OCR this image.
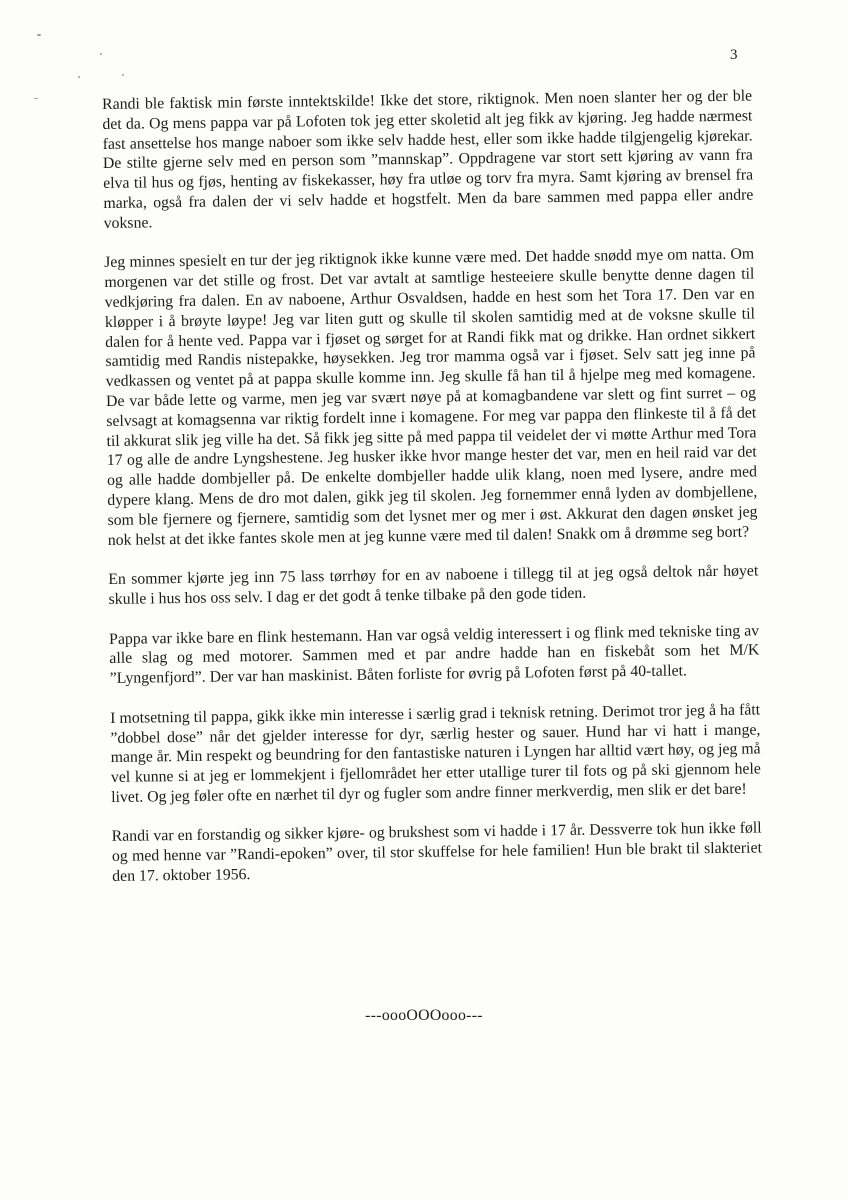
3

Randi ble faktisk min første inntektskilde! Ikke det store, riktignok. Men noen slanter her og der ble det da. Og mens pappa var på Lofoten tok jeg etter skoletid alt jeg fikk av kjøring. Jeg hadde nærmest fast ansettelse hos mange naboer som ikke selv hadde hest, eller som ikke hadde tilgjengelig kjørekar. De stilte gjerne selv med en person som ”mannskap”. Oppdragene var stort sett kjøring av vann fra elva til hus og fjøs, henting av fiskekasser, høy fra utløe og torv fra myra. Samt kjøring av brensel fra marka, også fra dalen der vi selv hadde et hogstfelt. Men da bare sammen med pappa eller andre voksne.

Jeg minnes spesielt en tur der jeg riktignok ikke kunne være med. Det hadde snødd mye om natta. Om morgenen var det stille og frost. Det var avtalt at samtlige hesteeiere skulle benytte denne dagen til vedkjøring fra dalen. En av naboene, Arthur Osvaldsen, hadde en hest som het Tora 17. Den var en kløpper i å brøyte løype! Jeg var liten gutt og skulle til skolen samtidig med at de voksne skulle til dalen for å hente ved. Pappa var i fjøset og sørget for at Randi fikk mat og drikke. Han ordnet sikkert samtidig med Randis nistepakke, høysekken. Jeg tror mamma også var i fjøset. Selv satt jeg inne på vedkassen og ventet på at pappa skulle komme inn. Jeg skulle få han til å hjelpe meg med komagene. De var både lette og varme, men jeg var svært nøye på at komagbandene var slett og fint surret – og selvsagt at komagsenna var riktig fordelt inne i komagene. For meg var pappa den flinkeste til å få det til akkurat slik jeg ville ha det. Så fikk jeg sitte på med pappa til veidelet der vi møtte Arthur med Tora 17 og alle de andre Lyngshestene. Jeg husker ikke hvor mange hester det var, men en heil raid var det og alle hadde dombjeller på. De enkelte dombjeller hadde ulik klang, noen med lysere, andre med dypere klang. Mens de dro mot dalen, gikk jeg til skolen. Jeg fornemmer ennå lyden av dombjellene, som ble fjernere og fjernere, samtidig som det lysnet mer og mer i øst. Akkurat den dagen ønsket jeg nok helst at det ikke fantes skole men at jeg kunne være med til dalen! Snakk om å drømme seg bort?

En sommer kjørte jeg inn 75 lass tørrhøy for en av naboene i tillegg til at jeg også deltok når høyet skulle i hus hos oss selv. I dag er det godt å tenke tilbake på den gode tiden.

Pappa var ikke bare en flink hestemann. Han var også veldig interessert i og flink med tekniske ting av alle slag og med motorer. Sammen med et par andre hadde han en fiskebåt som het M/K ”Lyngenfjord”. Der var han maskinist. Båten forliste for øvrig på Lofoten først på 40-tallet.

I motsetning til pappa, gikk ikke min interesse i særlig grad i teknisk retning. Derimot tror jeg å ha fått ”dobbel dose” når det gjelder interesse for dyr, særlig hester og sauer. Hund har vi hatt i mange, mange år. Min respekt og beundring for den fantastiske naturen i Lyngen har alltid vært høy, og jeg må vel kunne si at jeg er lommekjent i fjellområdet her etter utallige turer til fots og på ski gjennom hele livet. Og jeg føler ofte en nærhet til dyr og fugler som andre finner merkverdig, men slik er det bare!

Randi var en forstandig og sikker kjøre- og brukshest som vi hadde i 17 år. Dessverre tok hun ikke føll og med henne var ”Randi-epoken” over, til stor skuffelse for hele familien! Hun ble brakt til slakteriet den 17. oktober 1956.

---oooOOOooo---
